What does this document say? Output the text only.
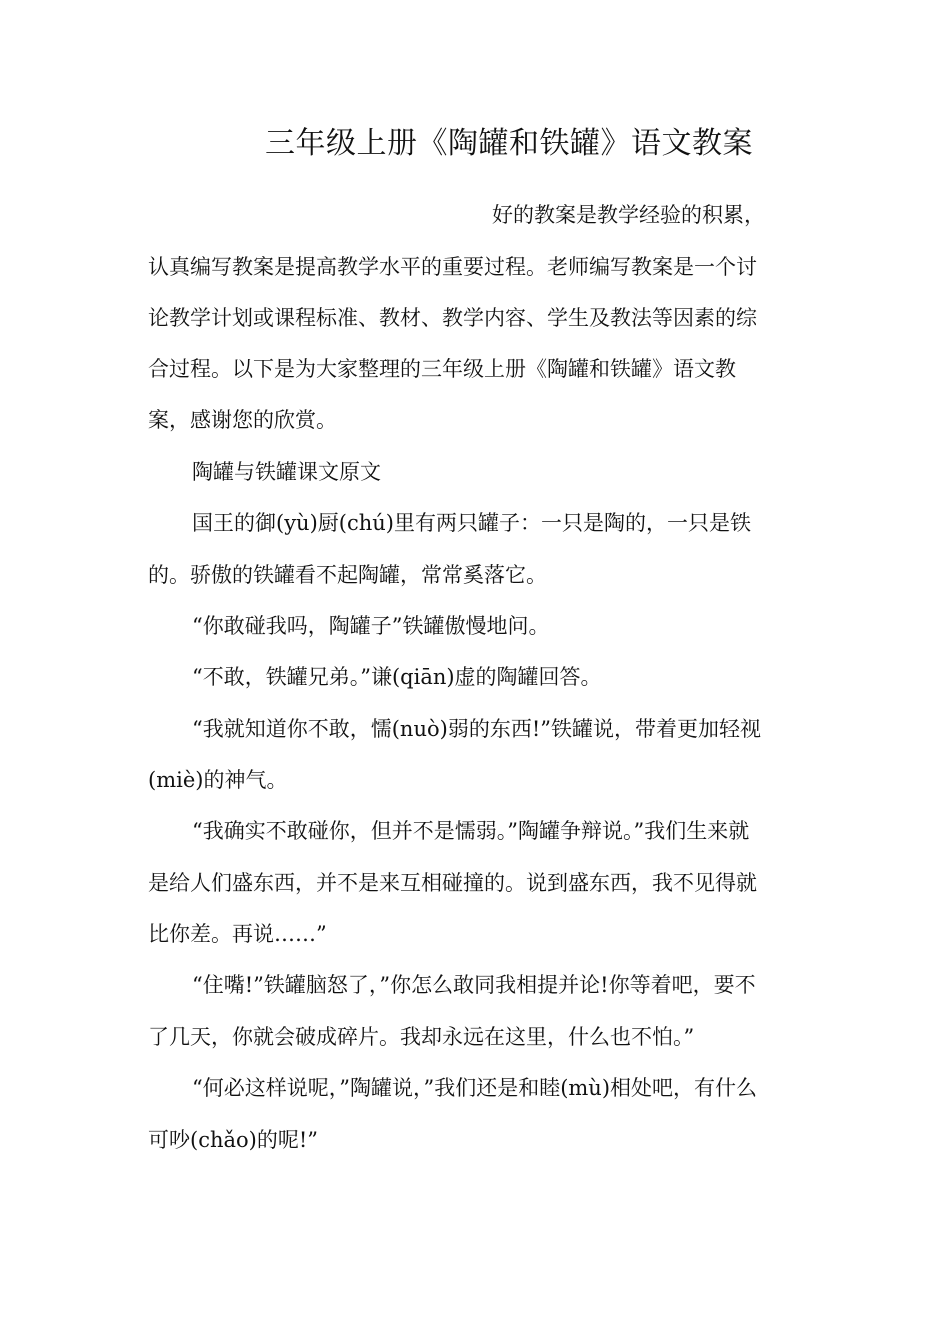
三年级上册《陶罐和铁罐》语文教案
好的教案是教学经验的积累，
认真编写教案是提高教学水平的重要过程。老师编写教案是一个讨
论教学计划或课程标准、教材、教学内容、学生及教法等因素的综
合过程。以下是为大家整理的三年级上册《陶罐和铁罐》语文教
案，感谢您的欣赏。
陶罐与铁罐课文原文
国王的御(yù)厨(chú)里有两只罐子：一只是陶的，一只是铁
的。骄傲的铁罐看不起陶罐，常常奚落它。
“你敢碰我吗，陶罐子”铁罐傲慢地问。
“不敢，铁罐兄弟。”谦(qiān)虚的陶罐回答。
“我就知道你不敢，懦(nuò)弱的东西!”铁罐说，带着更加轻视
(miè)的神气。
“我确实不敢碰你，但并不是懦弱。”陶罐争辩说。”我们生来就
是给人们盛东西，并不是来互相碰撞的。说到盛东西，我不见得就
比你差。再说……”
“住嘴!”铁罐脑怒了，”你怎么敢同我相提并论!你等着吧，要不
了几天，你就会破成碎片。我却永远在这里，什么也不怕。”
“何必这样说呢，”陶罐说，”我们还是和睦(mù)相处吧，有什么
可吵(chǎo)的呢!”
